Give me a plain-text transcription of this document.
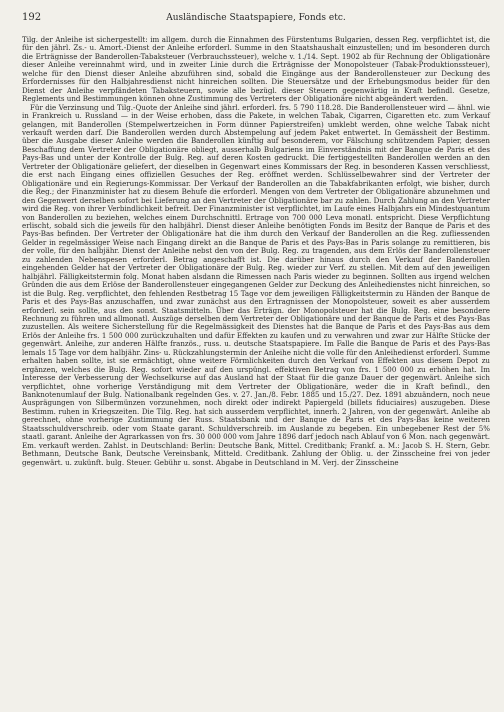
192	Ausländische Staatspapiere, Fonds etc.

Tilg. der Anleihe ist sichergestellt: im allgem. durch die Einnahmen des Fürstentums Bulgarien, dessen Reg. verpflichtet ist, die für den jährl. Zs.- u. Amort.-Dienst der Anleihe erforderl. Summe in den Staatshaushalt einzustellen; und im besonderen durch die Erträgnisse der Banderollen-Tabaksteuer (Verbrauchssteuer), welche v. 1./14. Sept. 1902 ab für Rechnung der Obligationäre dieser Anleihe vereinnahmt wird, und in zweiter Linie durch die Erträgnisse der Monopolsteuer (Tabak-Produktionssteuer), welche für den Dienst dieser Anleihe abzuführen sind, sobald die Eingänge aus der Banderollensteuer zur Deckung des Erfordernisses für den Halbjahresdienst nicht hinreichen sollten. Die Steuersätze und der Erhebungsmodus beider für den Dienst der Anleihe verpfändeten Tabaksteuern, sowie alle bezügl. dieser Steuern gegenwärtig in Kraft befindl. Gesetze, Reglements und Bestimmungen können ohne Zustimmung des Vertreters der Obligationäre nicht abgeändert werden.

Für die Verzinsung und Tilg.-Quote der Anleihe sind jährl. erforderl. frs. 5 790 118.28. Die Banderollensteuer wird — ähnl. wie in Frankreich u. Russland — in der Weise erhoben, dass die Pakete, in welchen Tabak, Cigarren, Cigaretten etc. zum Verkauf gelangen, mit Banderollen (Stempelwertzeichen in Form dünner Papierstreifen) umklebt werden, ohne welche Tabak nicht verkauft werden darf. Die Banderollen werden durch Abstempelung auf jedem Paket entwertet. In Gemässheit der Bestimm. über die Ausgabe dieser Anleihe werden die Banderollen künftig auf besonderem, vor Fälschung schützendem Papier, dessen Beschaffung dem Vertreter der Obligationäre obliegt, ausserhalb Bulgariens im Einverständnis mit der Banque de Paris et des Pays-Bas und unter der Kontrolle der Bulg. Reg. auf deren Kosten gedruckt. Die fertiggestellten Banderollen werden an den Vertreter der Obligationäre geliefert, der dieselben in Gegenwart eines Kommissars der Reg. in besonderen Kassen verschliesst, die erst nach Eingang eines offiziellen Gesuches der Reg. eröffnet werden. Schlüsselbewahrer sind der Vertreter der Obligationäre und ein Regierungs-Kommissar. Der Verkauf der Banderollen an die Tabakfabrikanten erfolgt, wie bisher, durch die Reg.; der Finanzminister hat zu diesem Behufe die erforderl. Mengen von dem Vertreter der Obligationäre abzunehmen und den Gegenwert derselben sofort bei Lieferung an den Vertreter der Obligationäre bar zu zahlen. Durch Zahlung an den Vertreter wird die Reg. von ihrer Verbindlichkeit befreit. Der Finanzminister ist verpflichtet, im Laufe eines Halbjahrs ein Mindestquantum von Banderollen zu beziehen, welches einem Durchschnittl. Ertrage von 700 000 Leva monatl. entspricht. Diese Verpflichtung erlischt, sobald sich die jeweils für den halbjährl. Dienst dieser Anleihe benötigten Fonds im Besitz der Banque de Paris et des Pays-Bas befinden. Der Vertreter der Obligationäre hat die ihm durch den Verkauf der Banderollen an die Reg. zufliessenden Gelder in regelmässiger Weise nach Eingang direkt an die Banque de Paris et des Pays-Bas in Paris solange zu remittieren, bis der volle, für den halbjähr. Dienst der Anleihe nebst den von der Bulg. Reg. zu tragenden, aus dem Erlös der Banderollensteuer zu zahlenden Nebenspesen erforderl. Betrag angeschafft ist. Die darüber hinaus durch den Verkauf der Banderollen eingehenden Gelder hat der Vertreter der Obligationäre der Bulg. Reg. wieder zur Verf. zu stellen. Mit dem auf den jeweiligen halbjährl. Fälligkeitstermin folg. Monat haben alsdann die Rimessen nach Paris wieder zu beginnen. Sollten aus irgend welchen Gründen die aus dem Erlöse der Banderollensteuer eingegangenen Gelder zur Deckung des Anleihedienstes nicht hinreichen, so ist die Bulg. Reg. verpflichtet, den fehlenden Restbetrag 15 Tage vor dem jeweiligen Fälligkeitstermin zu Händen der Banque de Paris et des Pays-Bas anzuschaffen, und zwar zunächst aus den Ertragnissen der Monopolsteuer, soweit es aber ausserdem erforderl. sein sollte, aus den sonst. Staatsmitteln. Über das Erträgn. der Monopolsteuer hat die Bulg. Reg. eine besondere Rechnung zu führen und allmonatl. Auszüge derselben dem Vertreter der Obligationäre und der Banque de Paris et des Pays-Bas zuzustellen. Als weitere Sicherstellung für die Regelmässigkeit des Dienstes hat die Banque de Paris et des Pays-Bas aus dem Erlös der Anleihe frs. 1 500 000 zurückzuhalten und dafür Effekten zu kaufen und zu verwahren und zwar zur Hälfte Stücke der gegenwärt. Anleihe, zur anderen Hälfte französ., russ. u. deutsche Staatspapiere. Im Falle die Banque de Paris et des Pays-Bas lemals 15 Tage vor dem halbjähr. Zins- u. Rückzahlungstermin der Anleihe nicht die volle für den Anleihedienst erforderl. Summe erhalten haben sollte, ist sie ermächtigt, ohne weitere Förmlichkeiten durch den Verkauf von Effekten aus diesem Depot zu ergänzen, welches die Bulg. Reg. sofort wieder auf den urspüngl. effektiven Betrag von frs. 1 500 000 zu erhöhen hat. Im Interesse der Verbesserung der Wechselkurse auf das Ausland hat der Staat für die ganze Dauer der gegenwärt. Anleihe sich verpflichtet, ohne vorherige Verständigung mit dem Vertreter der Obligationäre, weder die in Kraft befindl., den Banknotenumlauf der Bulg. Nationalbank regelnden Ges. v. 27. Jan./8. Febr. 1885 und 15./27. Dez. 1891 abzuändern, noch neue Ausprägungen von Silbermünzen vorzunehmen, noch direkt oder indirekt Papiergeld (billets fiduciaires) auszugeben. Diese Bestimm. ruhen in Kriegszeiten. Die Tilg. Reg. hat sich ausserdem verpflichtet, innerh. 2 Jahren, von der gegenwärt. Anleihe ab gerechnet, ohne vorherige Zustimmung der Russ. Staatsbank und der Banque de Paris et des Pays-Bas keine weiteren Staatsschuldverschreib. oder vom Staate garant. Schuldverschreib. im Auslande zu begeben. Ein unbegebener Rest der 5% staatl. garant. Anleihe der Agrarkassen von frs. 30 000 000 vom Jahre 1896 darf jedoch nach Ablauf von 6 Mon. nach gegenwärt. Em. verkauft werden. Zahlst. in Deutschland: Berlin: Deutsche Bank, Mittel. Creditbank; Frankf. a. M.: Jacob S. H. Stern, Gebr. Bethmann, Deutsche Bank, Deutsche Vereinsbank, Mitteld. Creditbank. Zahlung der Oblig. u. der Zinsscheine frei von jeder gegenwärt. u. zukünft. bulg. Steuer. Gebühr u. sonst. Abgabe in Deutschland in M. Verj. der Zinsscheine
